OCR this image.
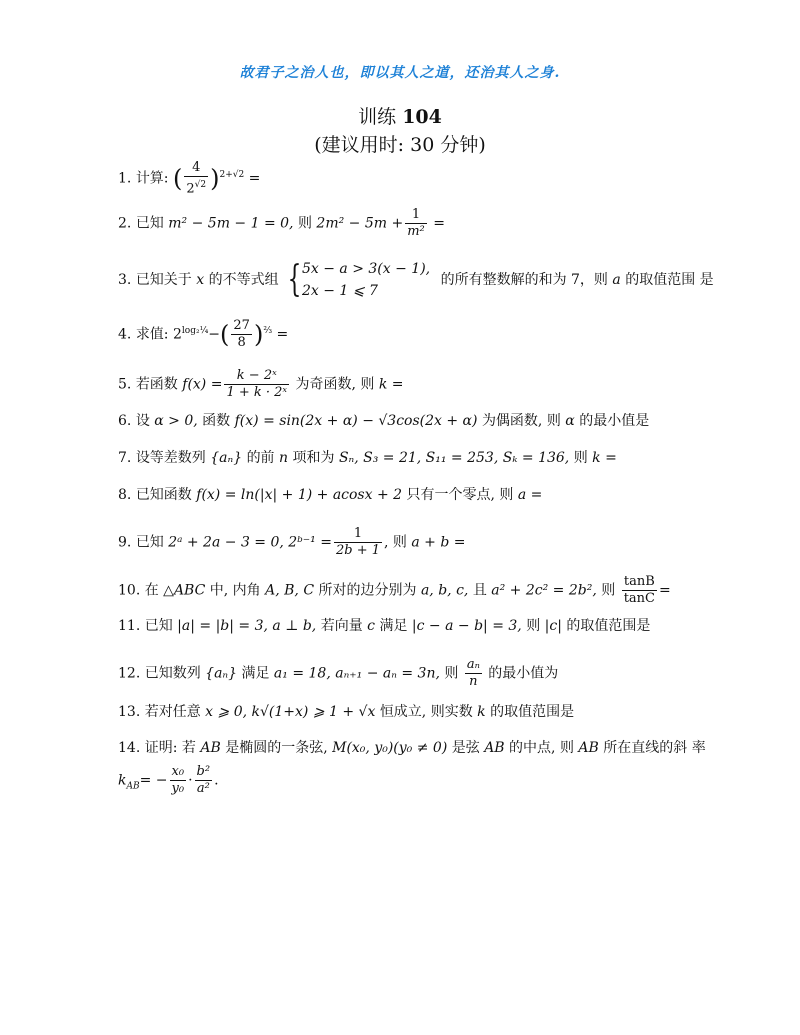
故君子之治人也，即以其人之道，还治其人之身.
训练 104
(建议用时: 30 分钟)
1. 计算: ( $\frac{4}{2^{√2}} )^{2+√2}$ =
2. 已知 m² − 5m − 1 = 0, 则 $2m^2 - 5m + \frac{1}{\text{m²}}$ =
3. 已知关于 x 的不等式组 { 5x − a > 3(x − 1),
2x − 1 ⩽ 7
的所有整数解的和为 7，则 a 的取值范围 是
4. 求值: $2^{log_2\frac{1}{4}}-( \frac{27}{8} )^{\frac{2}{3}}$ =
5. 若函数 $f(x) = \frac{\text{k − 2ˣ}}{\text{1 + k · 2ˣ}}$ 为奇函数, 则 k =
6. 设 α > 0, 函数 f(x) = sin(2x + α) − √3cos(2x + α) 为偶函数, 则 α 的最小值是
7. 设等差数列 {aₙ} 的前 n 项和为 Sₙ, S₃ = 21, S₁₁ = 253, Sₖ = 136, 则 k =
8. 已知函数 f(x) = ln(|x| + 1) + acosx + 2 只有一个零点, 则 a =
9. 已知 2ᵃ + 2a − 3 = 0, 2ᵇ⁻¹ = $\frac{1}{2b + 1}$ , 则 a + b =
10. 在 △ABC 中, 内角 A, B, C 所对的边分别为 a, b, c, 且 a² + 2c² = 2b², 则 $\frac{\tan B}{\tan C}$ =
11. 已知 |a| = |b| = 3, a ⊥ b, 若向量 c 满足 |c − a − b| = 3, 则 |c| 的取值范围是
12. 已知数列 {aₙ} 满足 a₁ = 18, aₙ₊₁ − aₙ = 3n, 则 $\frac{\text{aₙ}}{n}$ 的最小值为
13. 若对任意 x ⩾ 0, k√(1+x) ⩾ 1 + √x 恒成立, 则实数 k 的取值范围是
14. 证明: 若 AB 是椭圆的一条弦, M(x₀, y₀)(y₀ ≠ 0) 是弦 AB 的中点, 则 AB 所在直线的斜 率
$k_{AB}= - \frac{\text{x₀}}{\text{y₀}} \cdot \frac{\text{b²}}{\text{a²}}$ .
